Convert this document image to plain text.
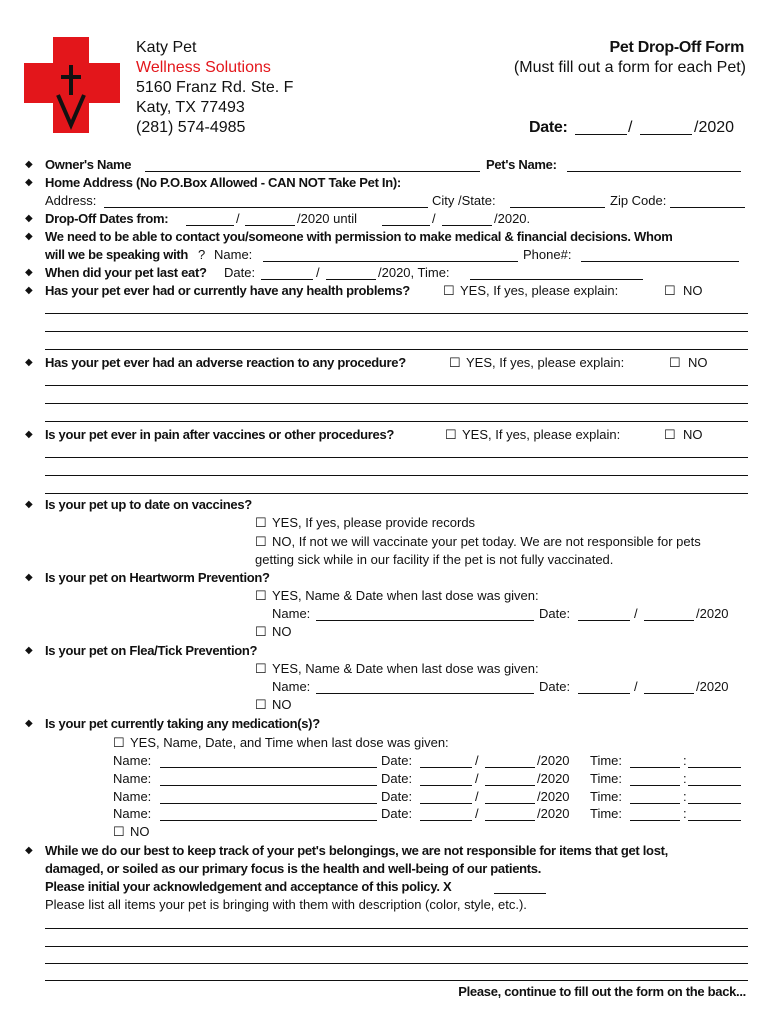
Katy Pet
Wellness Solutions
5160 Franz Rd. Ste. F
Katy, TX 77493
(281) 574-4985
Pet Drop-Off Form
(Must fill out a form for each Pet)
Date:	/	/2020
◆ Owner's Name	Pet's Name:
◆ Home Address (No P.O.Box Allowed - CAN NOT Take Pet In):
Address:	City /State:	Zip Code:
◆ Drop-Off Dates from:	/	/2020 until	/	/2020.
◆ We need to be able to contact you/someone with permission to make medical & financial decisions. Whom
will we be speaking with ? Name:	Phone#:
◆ When did your pet last eat? Date:	/	/2020, Time:
◆ Has your pet ever had or currently have any health problems?	☐ YES, If yes, please explain:	☐ NO
◆ Has your pet ever had an adverse reaction to any procedure?	☐ YES, If yes, please explain:	☐ NO
◆ Is your pet ever in pain after vaccines or other procedures?	☐ YES, If yes, please explain:	☐ NO
◆ Is your pet up to date on vaccines?
☐ YES, If yes, please provide records
☐ NO, If not we will vaccinate your pet today. We are not responsible for pets
getting sick while in our facility if the pet is not fully vaccinated.
◆ Is your pet on Heartworm Prevention?
☐ YES, Name & Date when last dose was given:
Name:	Date:	/	/2020
☐ NO
◆ Is your pet on Flea/Tick Prevention?
☐ YES, Name & Date when last dose was given:
Name:	Date:	/	/2020
☐ NO
◆ Is your pet currently taking any medication(s)?
☐ YES, Name, Date, and Time when last dose was given:
Name:	Date:	/	/2020 Time:	:
Name:	Date:	/	/2020 Time:	:
Name:	Date:	/	/2020 Time:	:
Name:	Date:	/	/2020 Time:	:
☐ NO
◆ While we do our best to keep track of your pet's belongings, we are not responsible for items that get lost,
damaged, or soiled as our primary focus is the health and well-being of our patients.
Please initial your acknowledgement and acceptance of this policy. X
Please list all items your pet is bringing with them with description (color, style, etc.).
Please, continue to fill out the form on the back...
